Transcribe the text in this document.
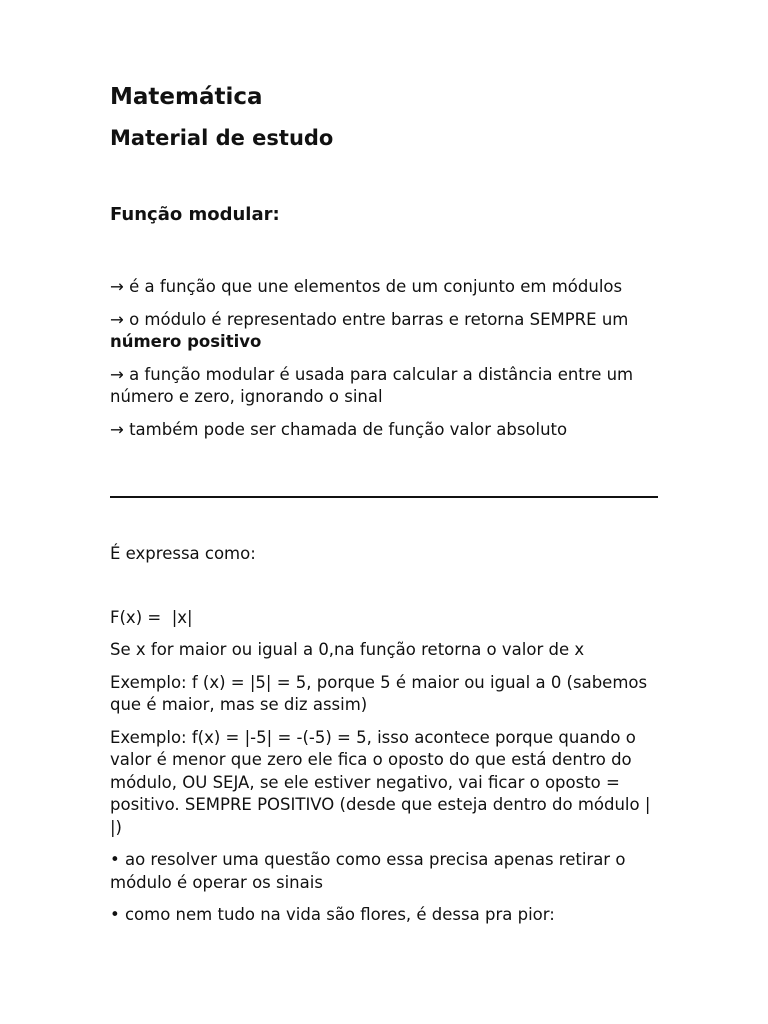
Matemática
Material de estudo
Função modular:

→ é a função que une elementos de um conjunto em módulos

→ o módulo é representado entre barras e retorna SEMPRE um número positivo

→ a função modular é usada para calcular a distância entre um número e zero, ignorando o sinal

→ também pode ser chamada de função valor absoluto

É expressa como:

F(x) =  |x|

Se x for maior ou igual a 0,na função retorna o valor de x

Exemplo: f (x) = |5| = 5, porque 5 é maior ou igual a 0 (sabemos que é maior, mas se diz assim)

Exemplo: f(x) = |-5| = -(-5) = 5, isso acontece porque quando o valor é menor que zero ele fica o oposto do que está dentro do módulo, OU SEJA, se ele estiver negativo, vai ficar o oposto = positivo. SEMPRE POSITIVO (desde que esteja dentro do módulo | |)

• ao resolver uma questão como essa precisa apenas retirar o módulo é operar os sinais

• como nem tudo na vida são flores, é dessa pra pior:
